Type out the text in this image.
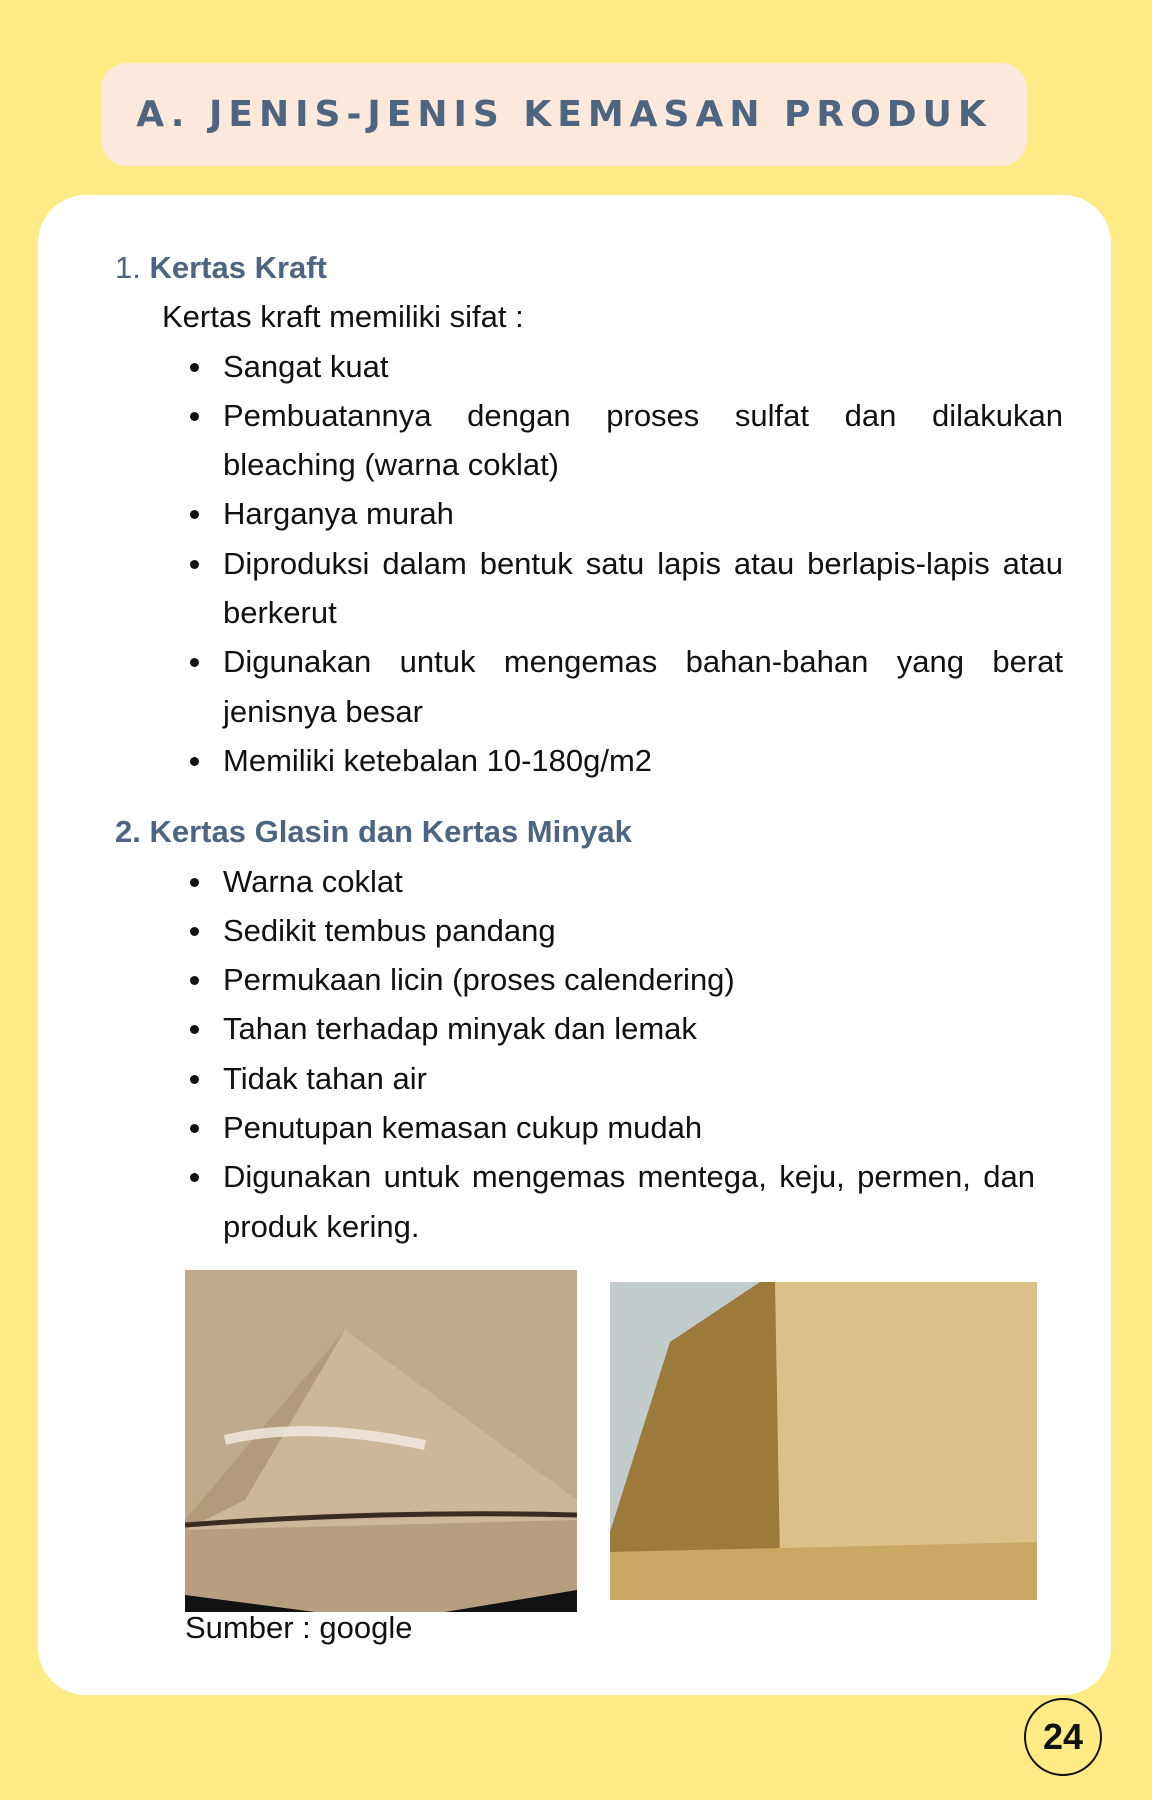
A. JENIS-JENIS KEMASAN PRODUK
1. Kertas Kraft
Kertas kraft memiliki sifat :
Sangat kuat
Pembuatannya dengan proses sulfat dan dilakukan bleaching (warna coklat)
Harganya murah
Diproduksi dalam bentuk satu lapis atau berlapis-lapis atau berkerut
Digunakan untuk mengemas bahan-bahan yang berat jenisnya besar
Memiliki ketebalan 10-180g/m2
2. Kertas Glasin dan Kertas Minyak
Warna coklat
Sedikit tembus pandang
Permukaan licin (proses calendering)
Tahan terhadap minyak dan lemak
Tidak tahan air
Penutupan kemasan cukup mudah
Digunakan untuk mengemas mentega, keju, permen, dan produk kering.
Sumber : google
24
